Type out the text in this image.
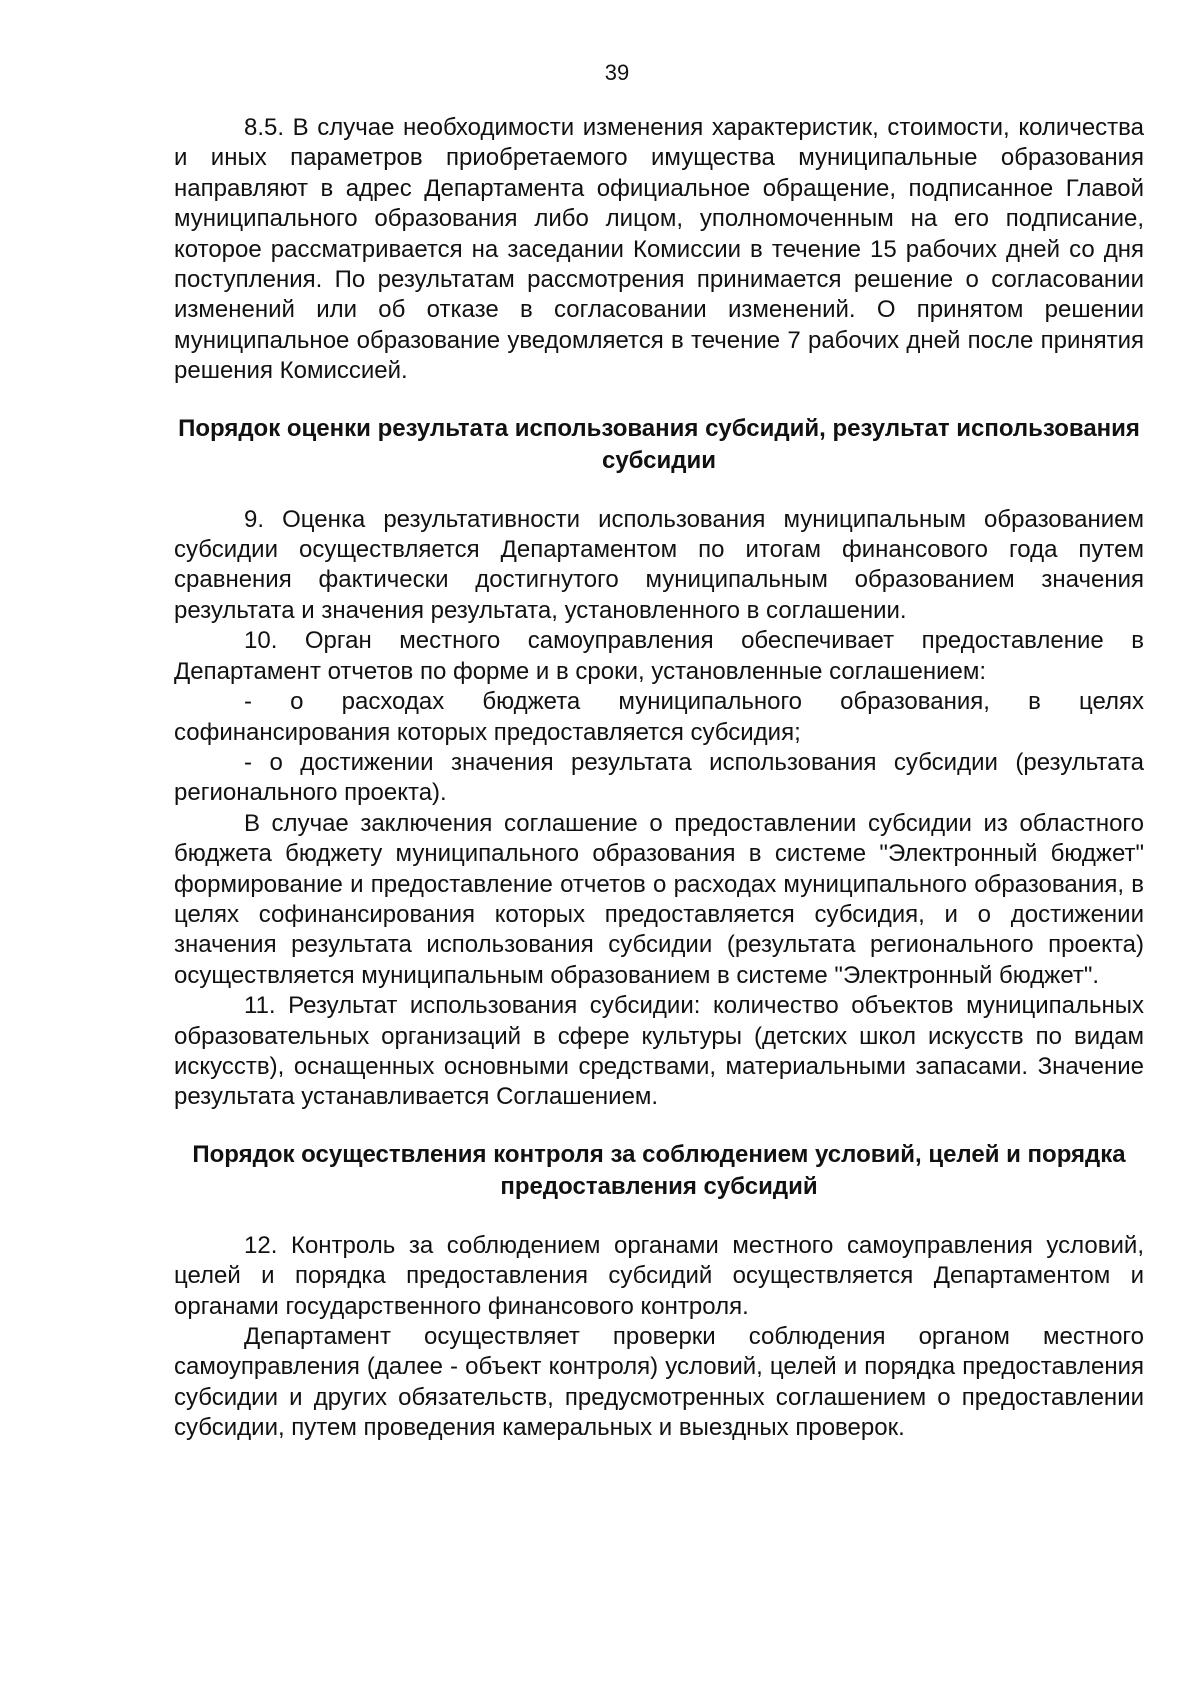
39

8.5. В случае необходимости изменения характеристик, стоимости, количества и иных параметров приобретаемого имущества муниципальные образования направляют в адрес Департамента официальное обращение, подписанное Главой муниципального образования либо лицом, уполномоченным на его подписание, которое рассматривается на заседании Комиссии в течение 15 рабочих дней со дня поступления. По результатам рассмотрения принимается решение о согласовании изменений или об отказе в согласовании изменений. О принятом решении муниципальное образование уведомляется в течение 7 рабочих дней после принятия решения Комиссией.

Порядок оценки результата использования субсидий, результат использования субсидии

9. Оценка результативности использования муниципальным образованием субсидии осуществляется Департаментом по итогам финансового года путем сравнения фактически достигнутого муниципальным образованием значения результата и значения результата, установленного в соглашении.

10. Орган местного самоуправления обеспечивает предоставление в Департамент отчетов по форме и в сроки, установленные соглашением:

- о расходах бюджета муниципального образования, в целях софинансирования которых предоставляется субсидия;

- о достижении значения результата использования субсидии (результата регионального проекта).

В случае заключения соглашение о предоставлении субсидии из областного бюджета бюджету муниципального образования в системе "Электронный бюджет" формирование и предоставление отчетов о расходах муниципального образования, в целях софинансирования которых предоставляется субсидия, и о достижении значения результата использования субсидии (результата регионального проекта) осуществляется муниципальным образованием в системе "Электронный бюджет".

11. Результат использования субсидии: количество объектов муниципальных образовательных организаций в сфере культуры (детских школ искусств по видам искусств), оснащенных основными средствами, материальными запасами. Значение результата устанавливается Соглашением.

Порядок осуществления контроля за соблюдением условий, целей и порядка предоставления субсидий

12. Контроль за соблюдением органами местного самоуправления условий, целей и порядка предоставления субсидий осуществляется Департаментом и органами государственного финансового контроля.

Департамент осуществляет проверки соблюдения органом местного самоуправления (далее - объект контроля) условий, целей и порядка предоставления субсидии и других обязательств, предусмотренных соглашением о предоставлении субсидии, путем проведения камеральных и выездных проверок.
